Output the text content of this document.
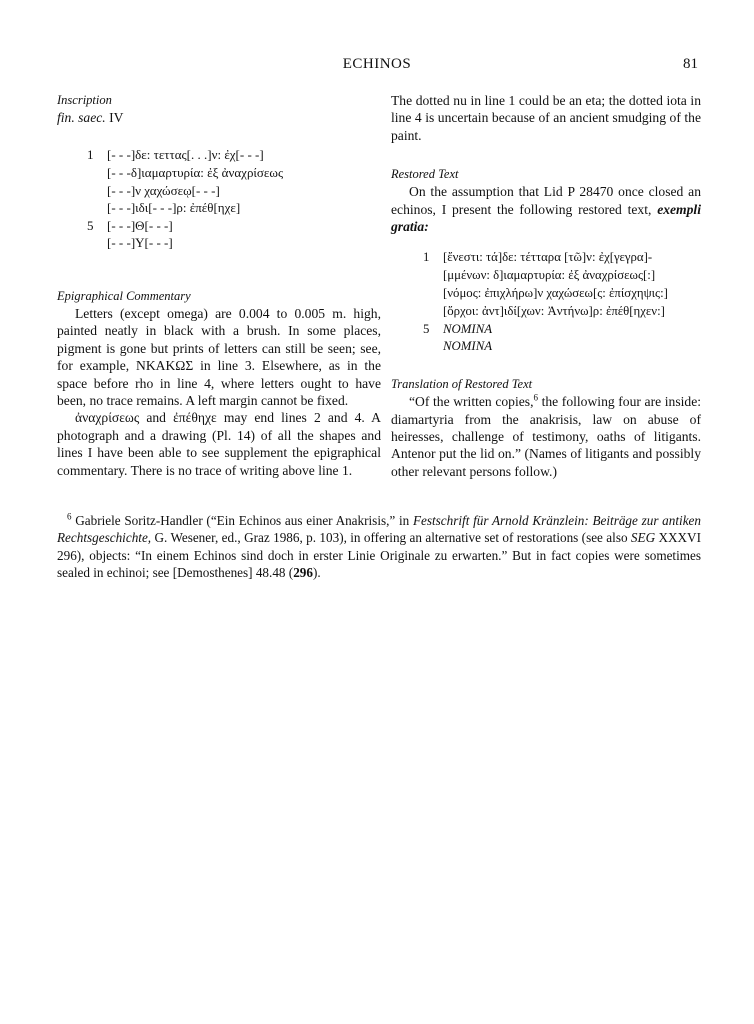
ECHINOS	81
Inscription
fin. saec. IV
1	[- - -]δε: τεττας[. . .]ν: ἐχ[- - -]
[- - -δ]ιαμαρτυρία: ἐξ ἀναχρίσεως
[- - -]ν χαχώσεῳ[- - -]
[- - -]ιδι[- - -]ρ: ἐπέθ[ηχε]
5	[- - -]Θ[- - -]
[- - -]Υ[- - -]
Epigraphical Commentary

Letters (except omega) are 0.004 to 0.005 m. high, painted neatly in black with a brush. In some places, pigment is gone but prints of letters can still be seen; see, for example, ΝΚΑΚΩΣ in line 3. Elsewhere, as in the space before rho in line 4, where letters ought to have been, no trace remains. A left margin cannot be fixed.

ἀναχρίσεως and ἐπέθηχε may end lines 2 and 4. A photograph and a drawing (Pl. 14) of all the shapes and lines I have been able to see supplement the epigraphical commentary. There is no trace of writing above line 1.

The dotted nu in line 1 could be an eta; the dotted iota in line 4 is uncertain because of an ancient smudging of the paint.

Restored Text

On the assumption that Lid P 28470 once closed an echinos, I present the following restored text, exempli gratia:

1	[ἔνεστι: τά]δε: τέτταρα [τῶ]ν: ἐχ[γεγρα]-
[μμένων: δ]ιαμαρτυρία: ἐξ ἀναχρίσεως[:]
[νόμος: ἐπιχλήρω]ν χαχώσεω[ς: ἐπίσχηψις:]
[ὅρχοι: ἀντ]ιδί[χων: Ἀντήνω]ρ: ἐπέθ[ηχεν:]
5	NOMINA
NOMINA
Translation of Restored Text

“Of the written copies,$^6$ the following four are inside: diamartyria from the anakrisis, law on abuse of heiresses, challenge of testimony, oaths of litigants. Antenor put the lid on.” (Names of litigants and possibly other relevant persons follow.)

$^6$ Gabriele Soritz-Handler (“Ein Echinos aus einer Anakrisis,” in Festschrift für Arnold Kränzlein: Beiträge zur antiken Rechtsgeschichte, G. Wesener, ed., Graz 1986, p. 103), in offering an alternative set of restorations (see also SEG XXXVI 296), objects: “In einem Echinos sind doch in erster Linie Originale zu erwarten.” But in fact copies were sometimes sealed in echinoi; see [Demosthenes] 48.48 (296).
